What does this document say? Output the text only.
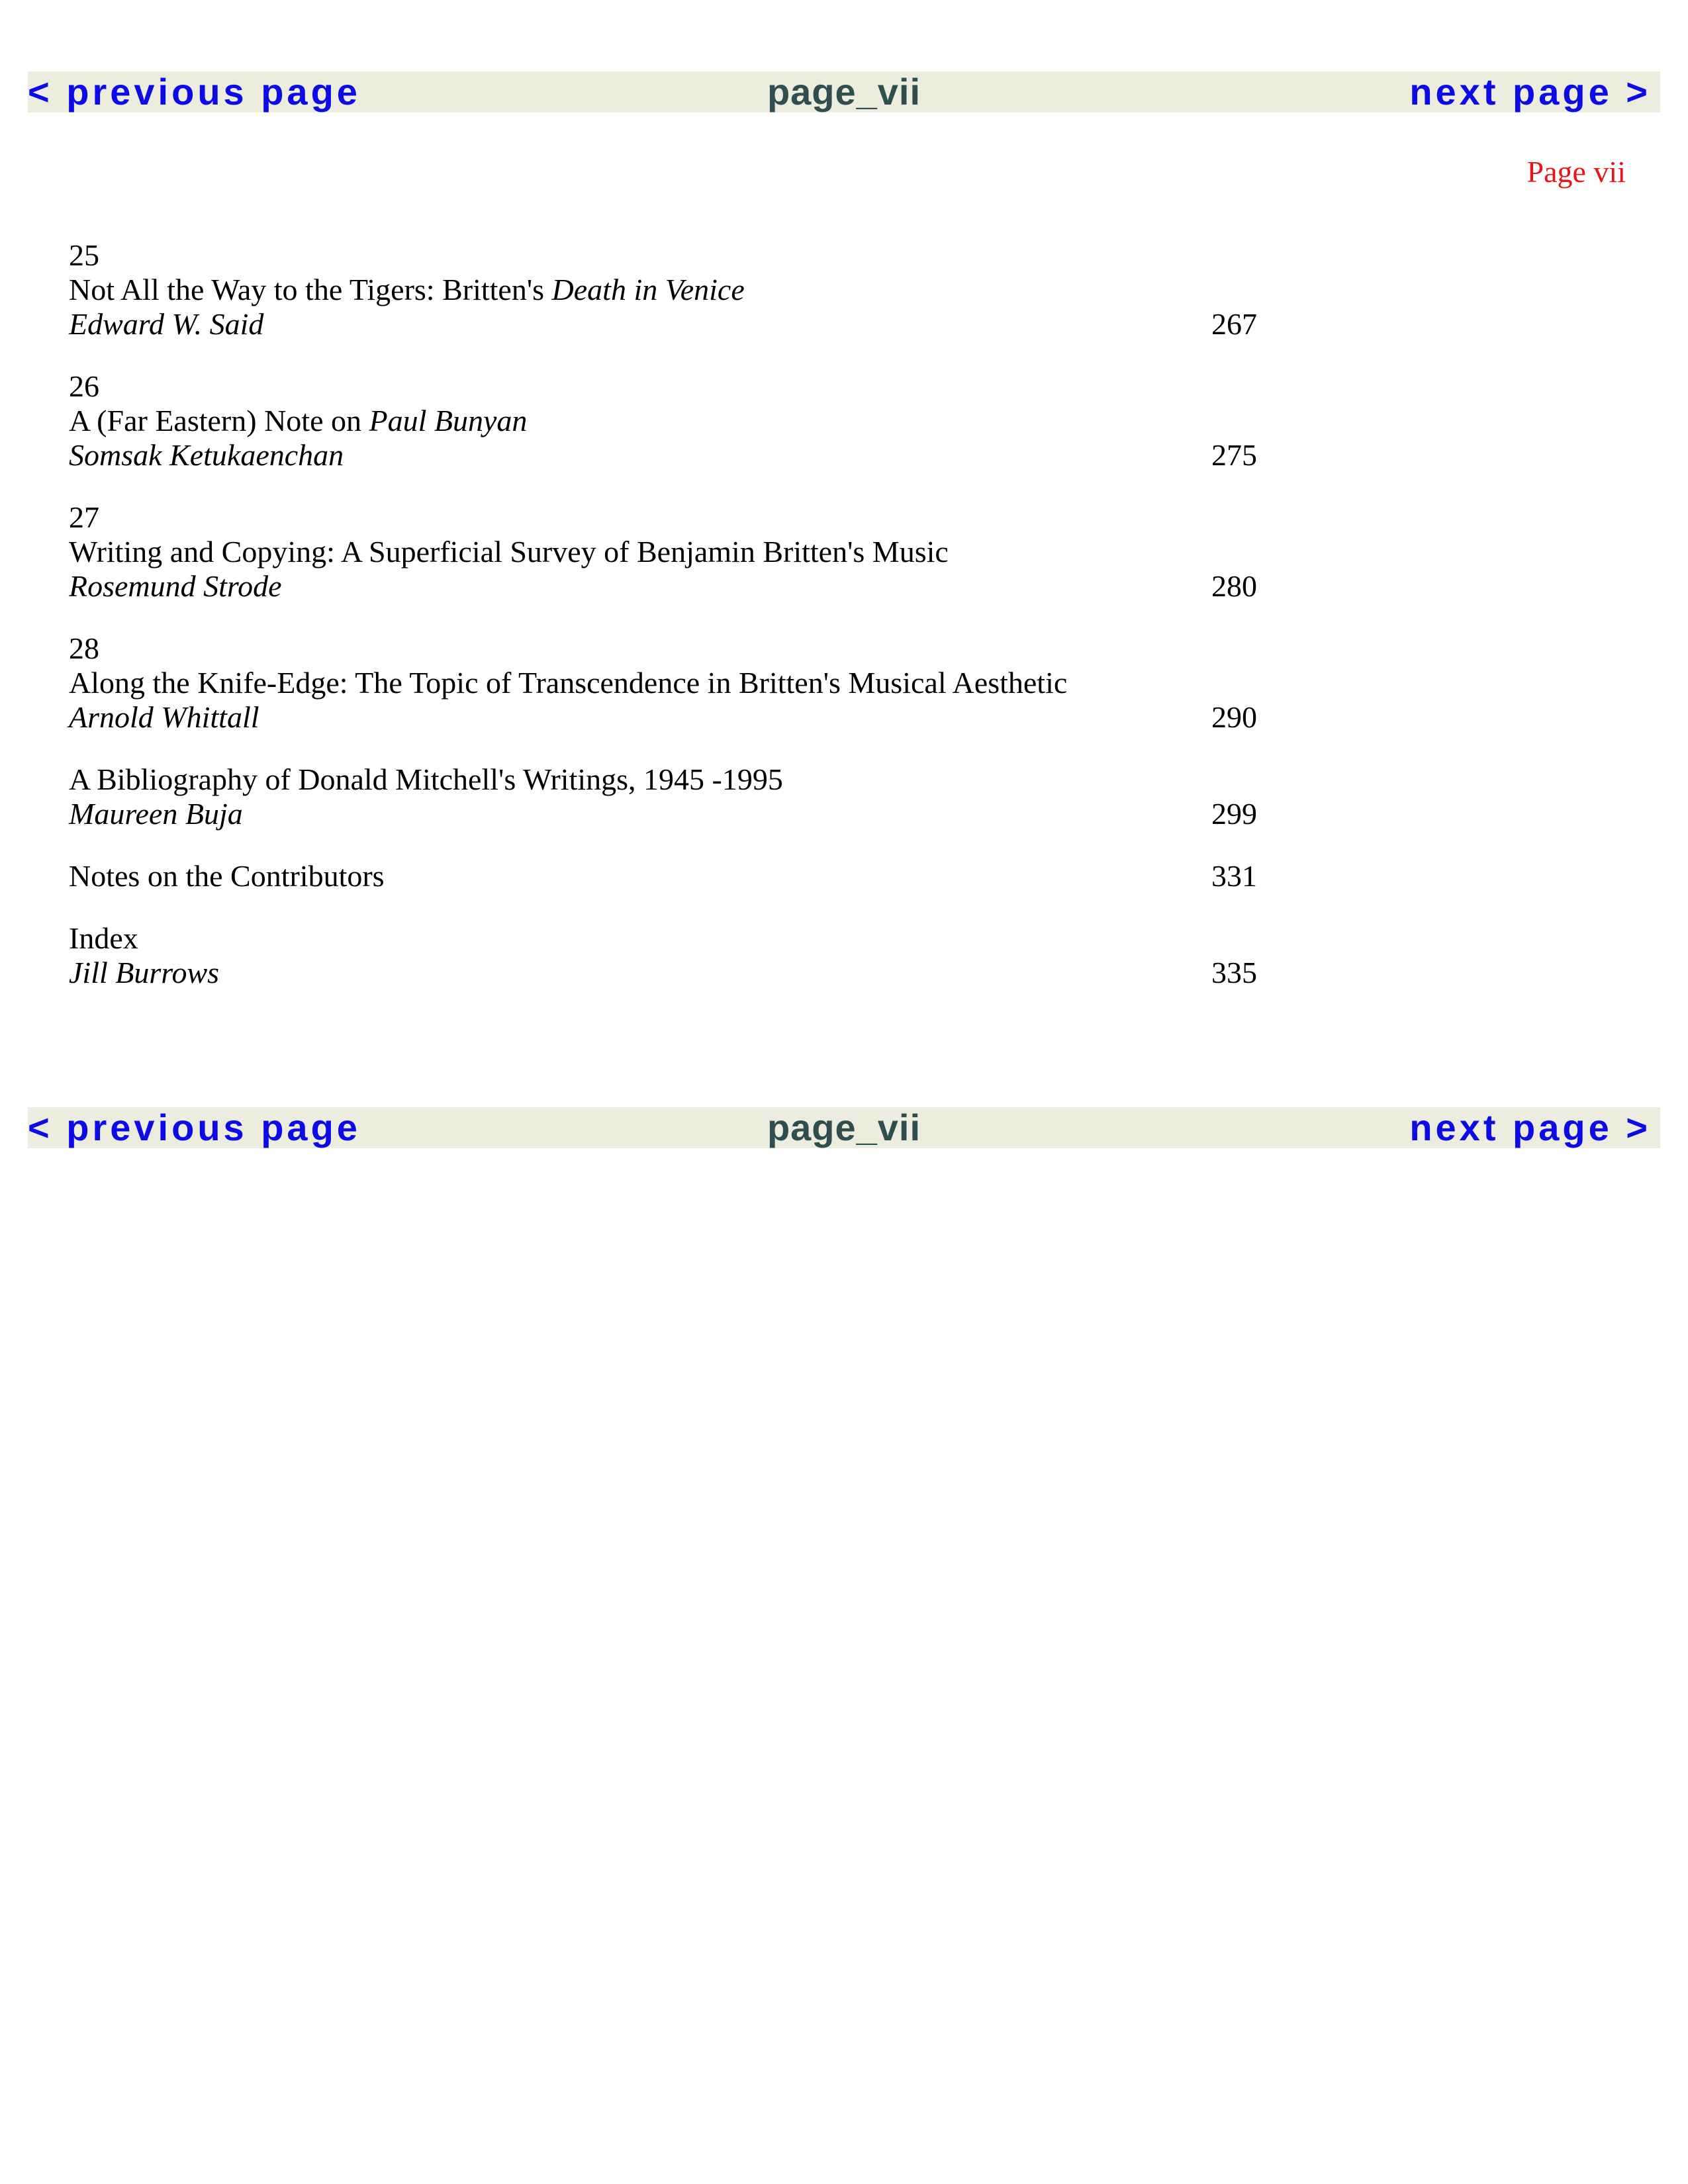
page_vii
< previous page	next page >
Page vii
25
Not All the Way to the Tigers: Britten's Death in Venice
Edward W. Said	267
26
A (Far Eastern) Note on Paul Bunyan
Somsak Ketukaenchan	275
27
Writing and Copying: A Superficial Survey of Benjamin Britten's Music
Rosemund Strode	280
28
Along the Knife-Edge: The Topic of Transcendence in Britten's Musical Aesthetic
Arnold Whittall	290
A Bibliography of Donald Mitchell's Writings, 1945 -1995
Maureen Buja	299
Notes on the Contributors	331
Index
Jill Burrows	335
page_vii
< previous page	next page >
